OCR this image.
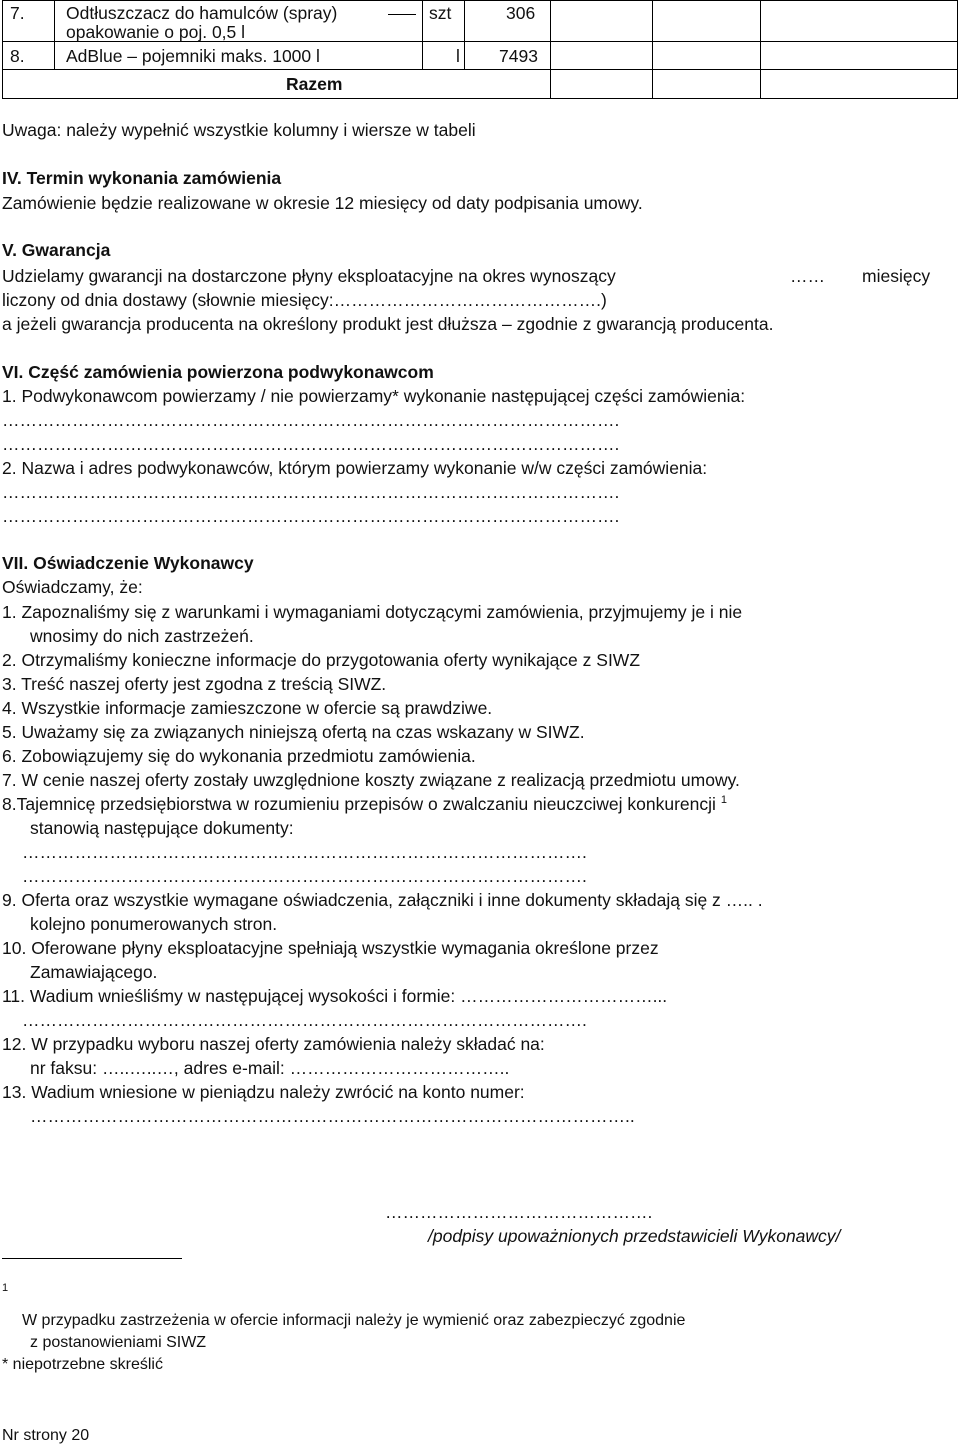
7. Odtłuszczacz do hamulców (spray)
opakowanie o poj. 0,5 l
szt	306
8. AdBlue – pojemniki maks. 1000 l	l 7493
Razem
Uwaga: należy wypełnić wszystkie kolumny i wiersze w tabeli
IV. Termin wykonania zamówienia
Zamówienie będzie realizowane w okresie 12 miesięcy od daty podpisania umowy.
V. Gwarancja
Udzielamy gwarancji na dostarczone płyny eksploatacyjne na okres wynoszący	…… miesięcy
liczony od dnia dostawy (słownie miesięcy:……………………………………….)
a jeżeli gwarancja producenta na określony produkt jest dłuższa – zgodnie z gwarancją producenta.
VI. Część zamówienia powierzona podwykonawcom
1. Podwykonawcom powierzamy / nie powierzamy* wykonanie następującej części zamówienia:
…………………………………………………………………………………………….
…………………………………………………………………………………………….
2. Nazwa i adres podwykonawców, którym powierzamy wykonanie w/w części zamówienia:
…………………………………………………………………………………………….
…………………………………………………………………………………………….
VII. Oświadczenie Wykonawcy
Oświadczamy, że:
1. Zapoznaliśmy się z warunkami i wymaganiami dotyczącymi zamówienia, przyjmujemy je i nie
wnosimy do nich zastrzeżeń.
2. Otrzymaliśmy konieczne informacje do przygotowania oferty wynikające z SIWZ
3. Treść naszej oferty jest zgodna z treścią SIWZ.
4. Wszystkie informacje zamieszczone w ofercie są prawdziwe.
5. Uważamy się za związanych niniejszą ofertą na czas wskazany w SIWZ.
6. Zobowiązujemy się do wykonania przedmiotu zamówienia.
7. W cenie naszej oferty zostały uwzględnione koszty związane z realizacją przedmiotu umowy.
8.Tajemnicę przedsiębiorstwa w rozumieniu przepisów o zwalczaniu nieuczciwej konkurencji $^1$
stanowią następujące dokumenty:
…………………………………………………………………………………….
…………………………………………………………………………………….
9. Oferta oraz wszystkie wymagane oświadczenia, załączniki i inne dokumenty składają się z ….. .
kolejno ponumerowanych stron.
10. Oferowane płyny eksploatacyjne spełniają wszystkie wymagania określone przez
Zamawiającego.
11. Wadium wnieśliśmy w następującej wysokości i formie: ……………………………...
…………………………………………………………………………………….
12. W przypadku wyboru naszej oferty zamówienia należy składać na:
nr faksu: …..…..…, adres e-mail: ………………………………..
13. Wadium wniesione w pieniądzu należy zwrócić na konto numer:
…………………………………………………………………………………………..
……………………………………….
/podpisy upoważnionych przedstawicieli Wykonawcy/
1
W przypadku zastrzeżenia w ofercie informacji należy je wymienić oraz zabezpieczyć zgodnie
z postanowieniami SIWZ
* niepotrzebne skreślić
Nr strony 20
